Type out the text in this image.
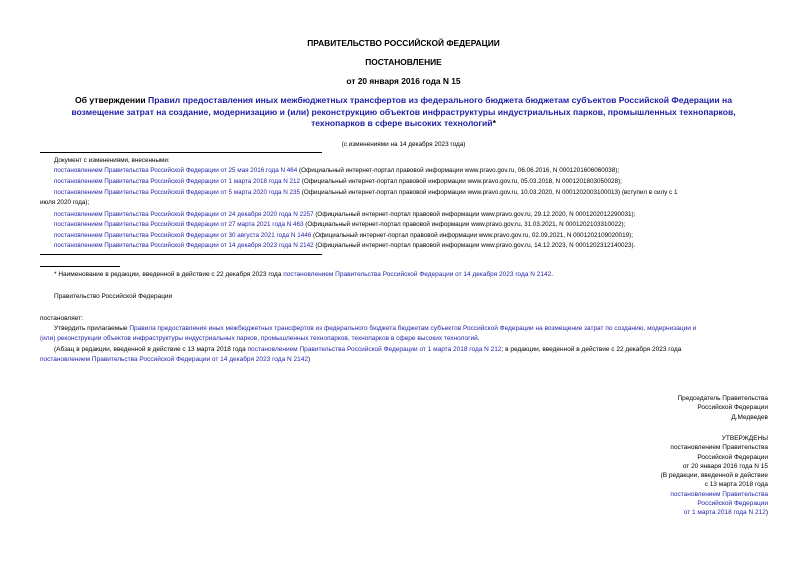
ПРАВИТЕЛЬСТВО РОССИЙСКОЙ ФЕДЕРАЦИИ
ПОСТАНОВЛЕНИЕ
от 20 января 2016 года N 15
Об утверждении Правил предоставления иных межбюджетных трансфертов из федерального бюджета бюджетам субъектов Российской Федерации на
возмещение затрат на создание, модернизацию и (или) реконструкцию объектов инфраструктуры индустриальных парков, промышленных технопарков,
технопарков в сфере высоких технологий*
(с изменениями на 14 декабря 2023 года)
Документ с изменениями, внесенными:
постановлением Правительства Российской Федерации от 25 мая 2016 года N 464 (Официальный интернет-портал правовой информации www.pravo.gov.ru, 06.06.2016, N 0001201606060038);
постановлением Правительства Российской Федерации от 1 марта 2018 года N 212 (Официальный интернет-портал правовой информации www.pravo.gov.ru, 05.03.2018, N 0001201803050028);
постановлением Правительства Российской Федерации от 5 марта 2020 года N 235 (Официальный интернет-портал правовой информации www.pravo.gov.ru, 10.03.2020, N 0001202003100013) (вступил в силу с 1
июля 2020 года);
постановлением Правительства Российской Федерации от 24 декабря 2020 года N 2257 (Официальный интернет-портал правовой информации www.pravo.gov.ru, 29.12.2020, N 0001202012290031);
постановлением Правительства Российской Федерации от 27 марта 2021 года N 463 (Официальный интернет-портал правовой информации www.pravo.gov.ru, 31.03.2021, N 0001202103310022);
постановлением Правительства Российской Федерации от 30 августа 2021 года N 1446 (Официальный интернет-портал правовой информации www.pravo.gov.ru, 02.09.2021, N 0001202109020019);
постановлением Правительства Российской Федерации от 14 декабря 2023 года N 2142 (Официальный интернет-портал правовой информации www.pravo.gov.ru, 14.12.2023, N 0001202312140023).
* Наименование в редакции, введенной в действие с 22 декабря 2023 года постановлением Правительства Российской Федерации от 14 декабря 2023 года N 2142.
Правительство Российской Федерации
постановляет:
Утвердить прилагаемые Правила предоставления иных межбюджетных трансфертов из федерального бюджета бюджетам субъектов Российской Федерации на возмещение затрат по созданию, модернизации и
(или) реконструкции объектов инфраструктуры индустриальных парков, промышленных технопарков, технопарков в сфере высоких технологий.
(Абзац в редакции, введенной в действие с 13 марта 2018 года постановлением Правительства Российской Федерации от 1 марта 2018 года N 212; в редакции, введенной в действие с 22 декабря 2023 года
постановлением Правительства Российской Федерации от 14 декабря 2023 года N 2142)
Председатель Правительства
Российской Федерации
Д.Медведев
УТВЕРЖДЕНЫ
постановлением Правительства
Российской Федерации
от 20 января 2016 года N 15
(В редакции, введенной в действие
с 13 марта 2018 года
постановлением Правительства
Российской Федерации
от 1 марта 2018 года N 212)
